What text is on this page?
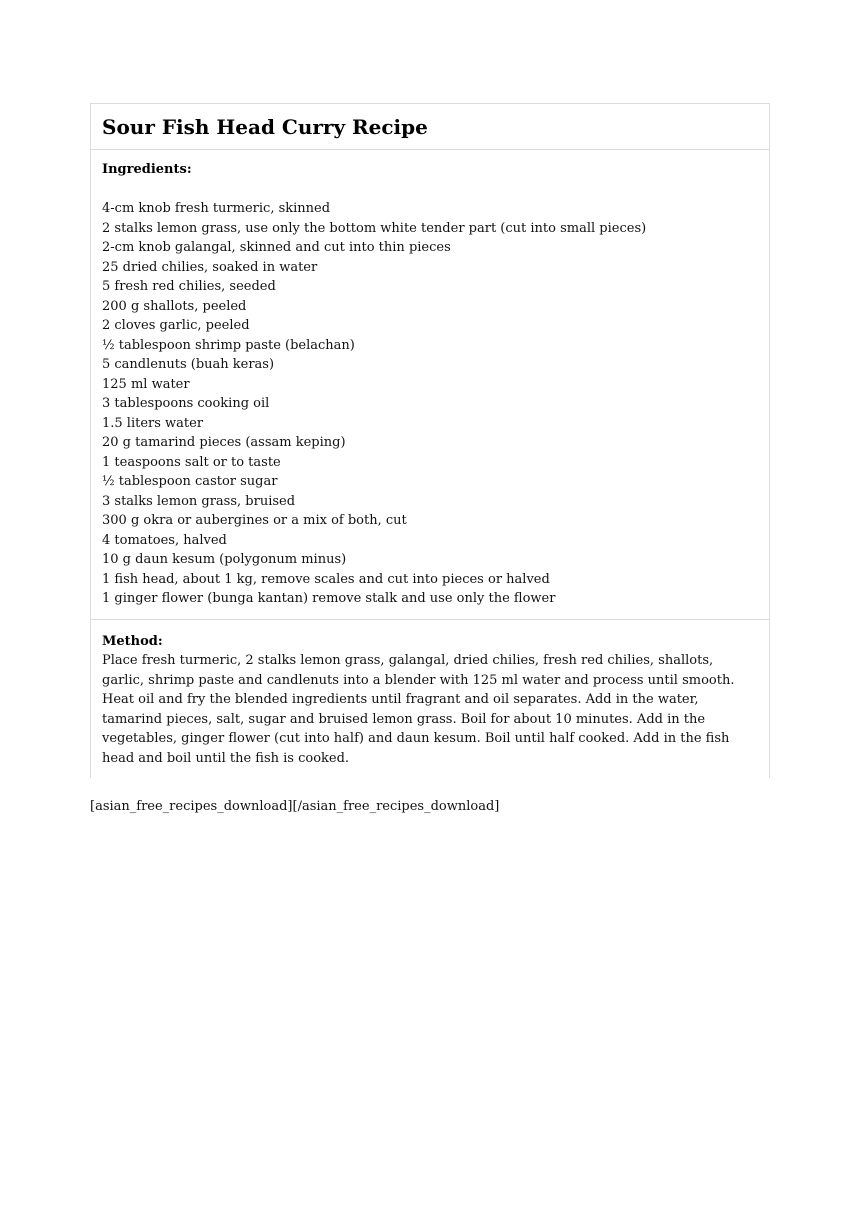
Sour Fish Head Curry Recipe
Ingredients:
4-cm knob fresh turmeric, skinned
2 stalks lemon grass, use only the bottom white tender part (cut into small pieces)
2-cm knob galangal, skinned and cut into thin pieces
25 dried chilies, soaked in water
5 fresh red chilies, seeded
200 g shallots, peeled
2 cloves garlic, peeled
½ tablespoon shrimp paste (belachan)
5 candlenuts (buah keras)
125 ml water
3 tablespoons cooking oil
1.5 liters water
20 g tamarind pieces (assam keping)
1 teaspoons salt or to taste
½ tablespoon castor sugar
3 stalks lemon grass, bruised
300 g okra or aubergines or a mix of both, cut
4 tomatoes, halved
10 g daun kesum (polygonum minus)
1 fish head, about 1 kg, remove scales and cut into pieces or halved
1 ginger flower (bunga kantan) remove stalk and use only the flower
Method:

Place fresh turmeric, 2 stalks lemon grass, galangal, dried chilies, fresh red chilies, shallots, garlic, shrimp paste and candlenuts into a blender with 125 ml water and process until smooth. Heat oil and fry the blended ingredients until fragrant and oil separates. Add in the water, tamarind pieces, salt, sugar and bruised lemon grass. Boil for about 10 minutes. Add in the vegetables, ginger flower (cut into half) and daun kesum. Boil until half cooked. Add in the fish head and boil until the fish is cooked.

[asian_free_recipes_download][/asian_free_recipes_download]
